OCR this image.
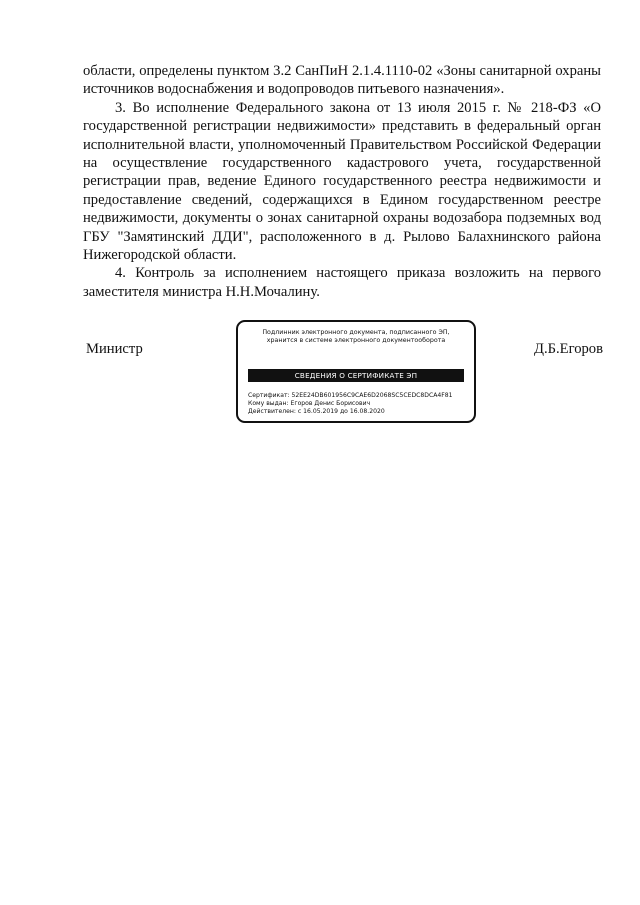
области, определены пунктом 3.2 СанПиН 2.1.4.1110-02 «Зоны санитарной охраны источников водоснабжения и водопроводов питьевого назначения».

3. Во исполнение Федерального закона от 13 июля 2015 г. № 218-ФЗ «О государственной регистрации недвижимости» представить в федеральный орган исполнительной власти, уполномоченный Правительством Российской Федерации на осуществление государственного кадастрового учета, государственной регистрации прав, ведение Единого государственного реестра недвижимости и предоставление сведений, содержащихся в Едином государственном реестре недвижимости, документы о зонах санитарной охраны водозабора подземных вод ГБУ "Замятинский ДДИ", расположенного в д. Рылово Балахнинского района Нижегородской области.

4. Контроль за исполнением настоящего приказа возложить на первого заместителя министра Н.Н.Мочалину.

Министр
Подлинник электронного документа, подписанного ЭП,
хранится в системе электронного документооборота
СВЕДЕНИЯ О СЕРТИФИКАТЕ ЭП
Сертификат: 52EE24DB601956C9CAE6D2068SC5CEDC8DCA4F81
Кому выдан: Егоров Денис Борисович
Действителен: с 16.05.2019 до 16.08.2020
Д.Б.Егоров
